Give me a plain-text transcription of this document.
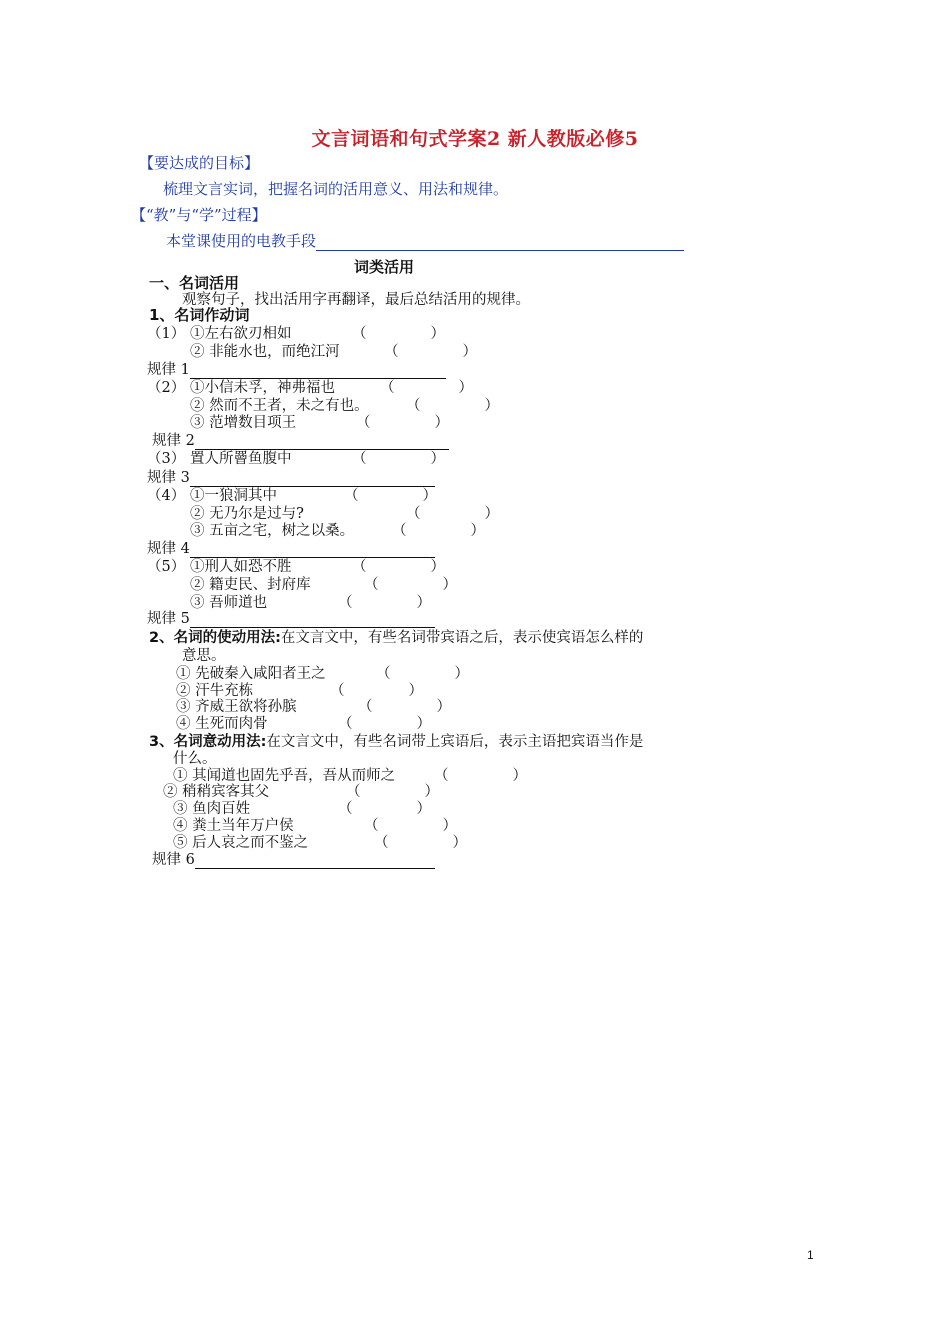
文言词语和句式学案2 新人教版必修5
【要达成的目标】
梳理文言实词，把握名词的活用意义、用法和规律。
【“教”与“学”过程】
本堂课使用的电教手段
词类活用
一、名词活用
观察句子，找出活用字再翻译，最后总结活用的规律。
1、名词作动词
（1） ①左右欲刃相如	（	）
② 非能水也，而绝江河	（	）
规律 1
（2） ①小信未孚，神弗福也	（	）
② 然而不王者，未之有也。	（	）
③ 范增数目项王	（	）
规律 2
（3） 置人所罾鱼腹中	（	）
规律 3
（4） ①一狼洞其中	（	）
② 无乃尔是过与?	（	）
③ 五亩之宅，树之以桑。	（	）
规律 4
（5） ①刑人如恐不胜	（	）
② 籍吏民、封府库	（	）
③ 吾师道也	（	）
规律 5
2、名词的使动用法:在文言文中，有些名词带宾语之后，表示使宾语怎么样的
意思。
① 先破秦入咸阳者王之	（	）
② 汗牛充栋	（	）
③ 齐威王欲将孙膑	（	）
④ 生死而肉骨	（	）
3、名词意动用法:在文言文中，有些名词带上宾语后，表示主语把宾语当作是
什么。
① 其闻道也固先乎吾，吾从而师之	（	）
② 稍稍宾客其父	（	）
③ 鱼肉百姓	（	）
④ 粪土当年万户侯	（	）
⑤ 后人哀之而不鉴之	（	）
规律 6
1
